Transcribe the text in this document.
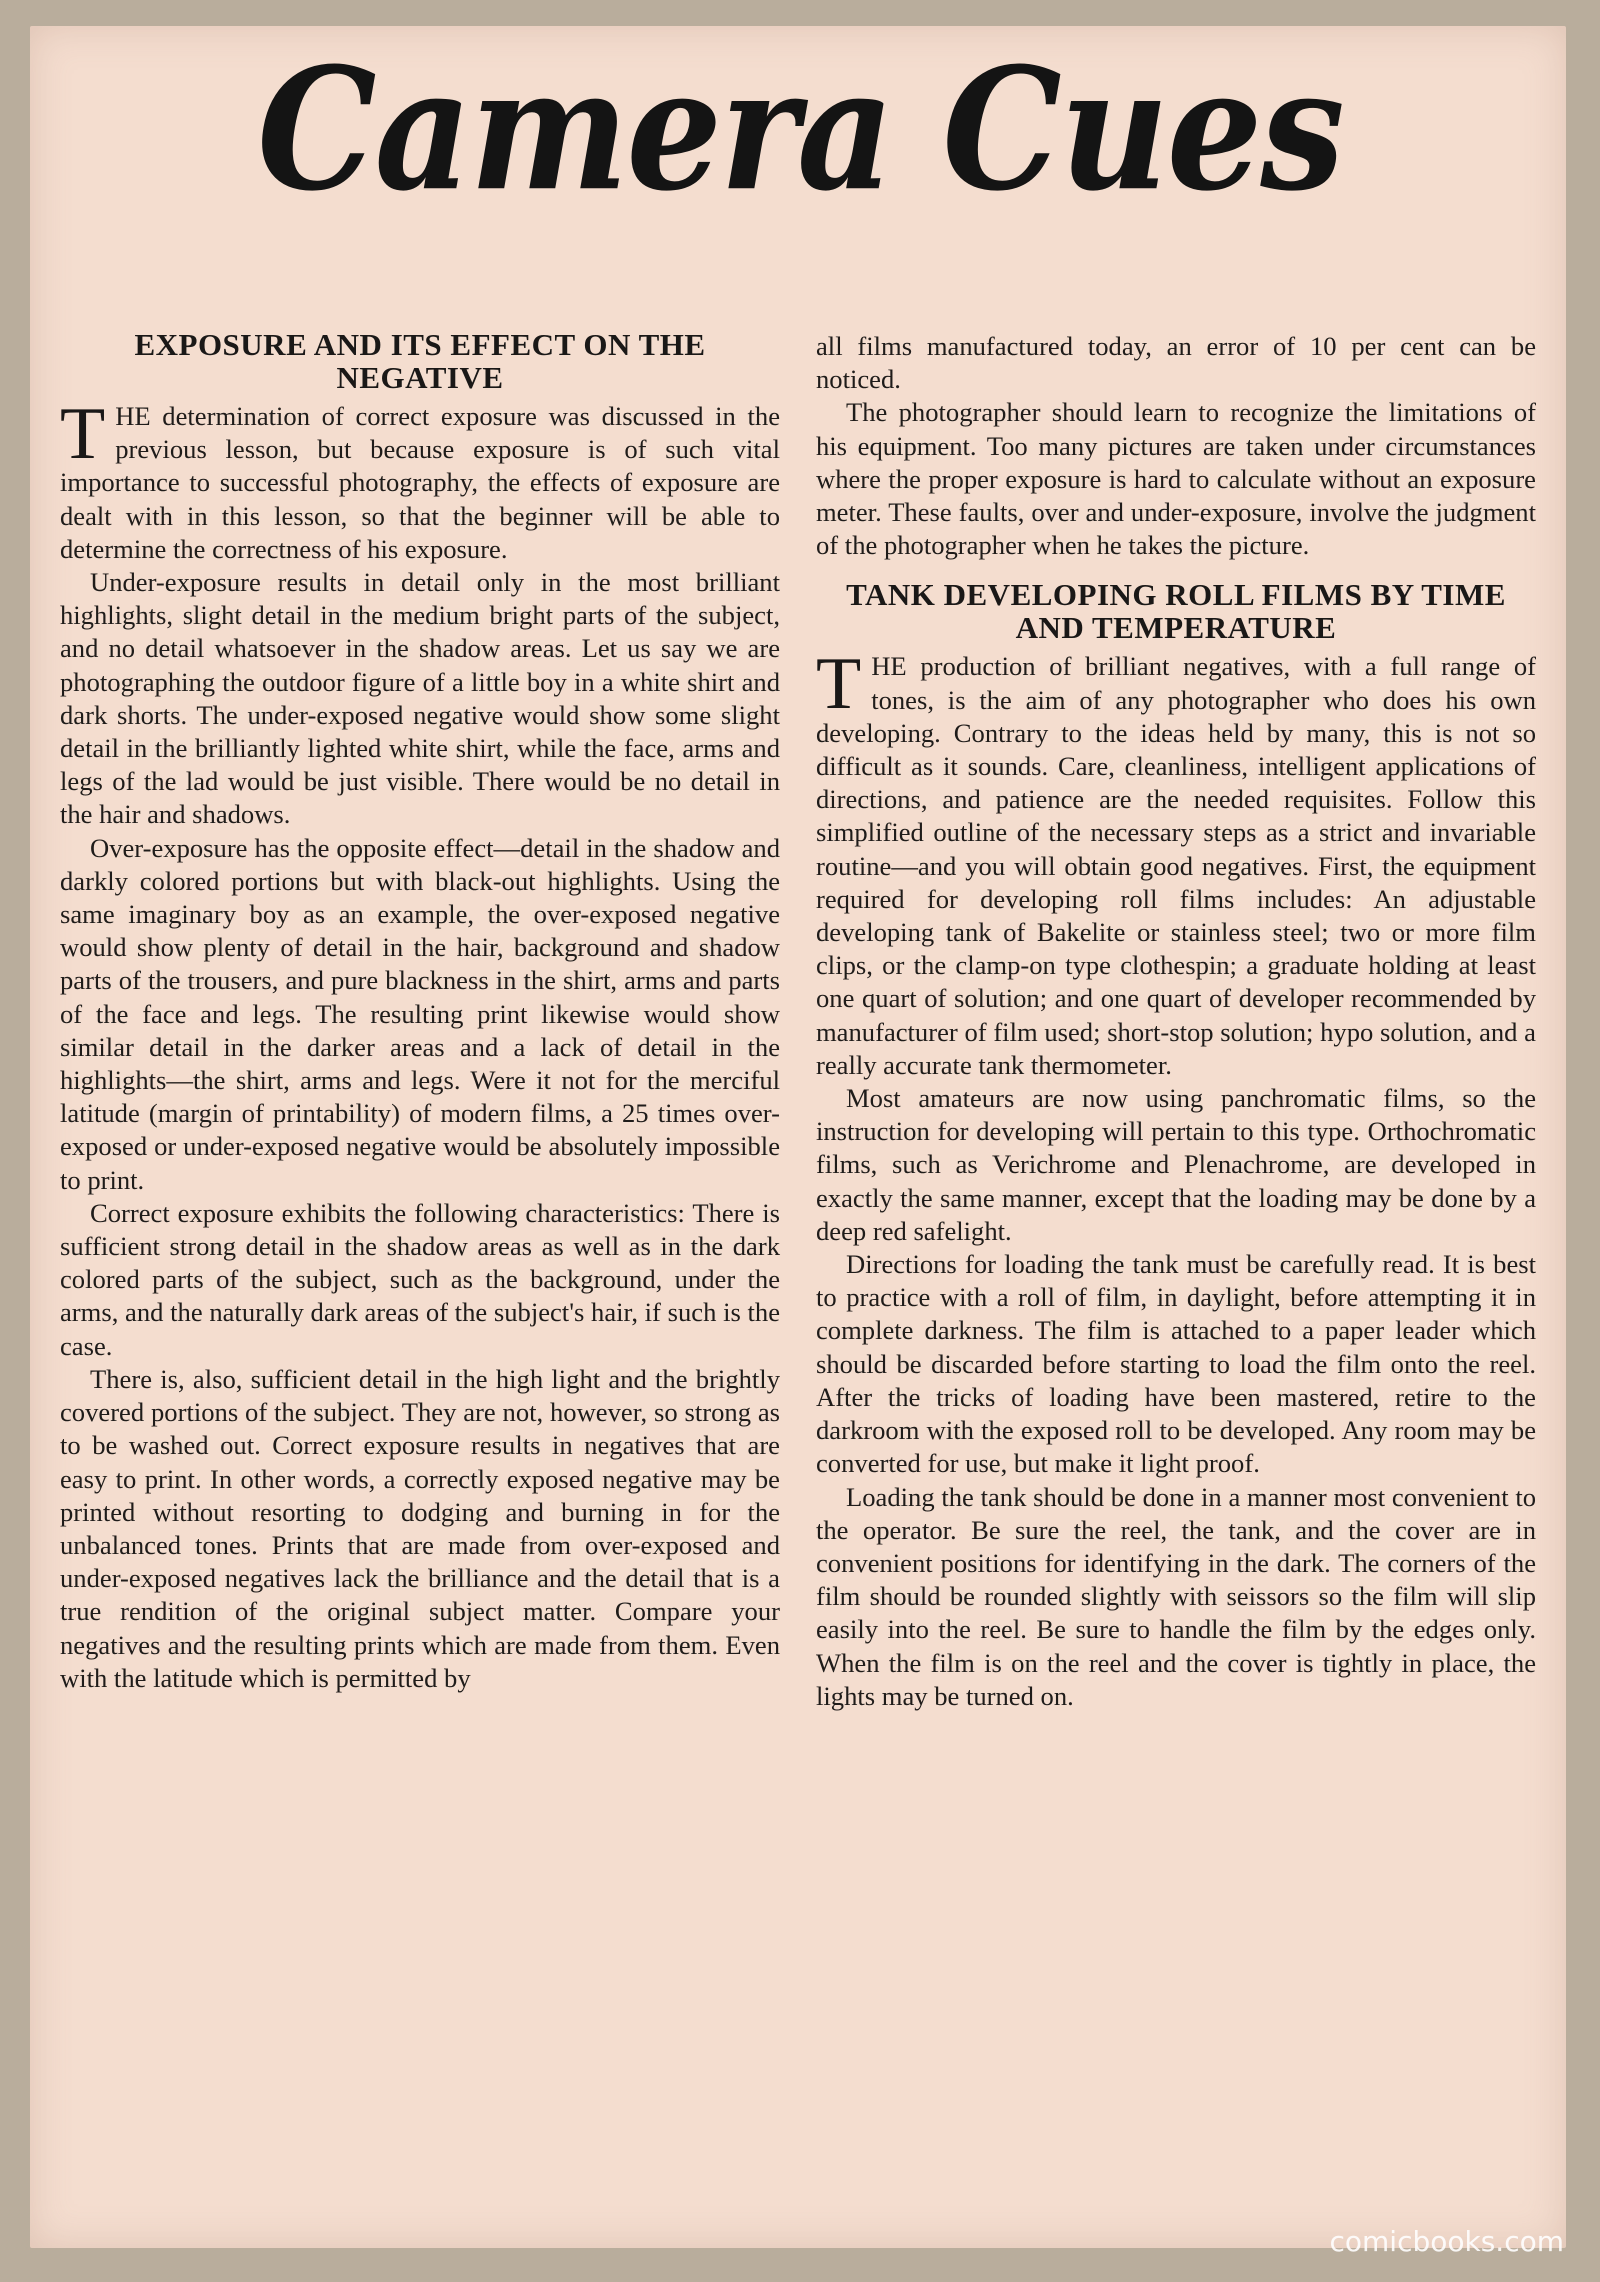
Camera Cues
EXPOSURE AND ITS EFFECT ON THE NEGATIVE

THE determination of correct exposure was discussed in the previous lesson, but because exposure is of such vital importance to successful photography, the effects of exposure are dealt with in this lesson, so that the beginner will be able to determine the correctness of his exposure.

Under-exposure results in detail only in the most brilliant highlights, slight detail in the medium bright parts of the subject, and no detail whatsoever in the shadow areas. Let us say we are photographing the outdoor figure of a little boy in a white shirt and dark shorts. The under-exposed negative would show some slight detail in the brilliantly lighted white shirt, while the face, arms and legs of the lad would be just visible. There would be no detail in the hair and shadows.

Over-exposure has the opposite effect—detail in the shadow and darkly colored portions but with black-out highlights. Using the same imaginary boy as an example, the over-exposed negative would show plenty of detail in the hair, background and shadow parts of the trousers, and pure blackness in the shirt, arms and parts of the face and legs. The resulting print likewise would show similar detail in the darker areas and a lack of detail in the highlights—the shirt, arms and legs. Were it not for the merciful latitude (margin of printability) of modern films, a 25 times over-exposed or under-exposed negative would be absolutely impossible to print.

Correct exposure exhibits the following characteristics: There is sufficient strong detail in the shadow areas as well as in the dark colored parts of the subject, such as the background, under the arms, and the naturally dark areas of the subject's hair, if such is the case.

There is, also, sufficient detail in the high light and the brightly covered portions of the subject. They are not, however, so strong as to be washed out. Correct exposure results in negatives that are easy to print. In other words, a correctly exposed negative may be printed without resorting to dodging and burning in for the unbalanced tones. Prints that are made from over-exposed and under-exposed negatives lack the brilliance and the detail that is a true rendition of the original subject matter. Compare your negatives and the resulting prints which are made from them. Even with the latitude which is permitted by

all films manufactured today, an error of 10 per cent can be noticed.

The photographer should learn to recognize the limitations of his equipment. Too many pictures are taken under circumstances where the proper exposure is hard to calculate without an exposure meter. These faults, over and under-exposure, involve the judgment of the photographer when he takes the picture.

TANK DEVELOPING ROLL FILMS BY TIME AND TEMPERATURE

THE production of brilliant negatives, with a full range of tones, is the aim of any photographer who does his own developing. Contrary to the ideas held by many, this is not so difficult as it sounds. Care, cleanliness, intelligent applications of directions, and patience are the needed requisites. Follow this simplified outline of the necessary steps as a strict and invariable routine—and you will obtain good negatives. First, the equipment required for developing roll films includes: An adjustable developing tank of Bakelite or stainless steel; two or more film clips, or the clamp-on type clothespin; a graduate holding at least one quart of solution; and one quart of developer recommended by manufacturer of film used; short-stop solution; hypo solution, and a really accurate tank thermometer.

Most amateurs are now using panchromatic films, so the instruction for developing will pertain to this type. Orthochromatic films, such as Verichrome and Plenachrome, are developed in exactly the same manner, except that the loading may be done by a deep red safelight.

Directions for loading the tank must be carefully read. It is best to practice with a roll of film, in daylight, before attempting it in complete darkness. The film is attached to a paper leader which should be discarded before starting to load the film onto the reel. After the tricks of loading have been mastered, retire to the darkroom with the exposed roll to be developed. Any room may be converted for use, but make it light proof.

Loading the tank should be done in a manner most convenient to the operator. Be sure the reel, the tank, and the cover are in convenient positions for identifying in the dark. The corners of the film should be rounded slightly with seissors so the film will slip easily into the reel. Be sure to handle the film by the edges only. When the film is on the reel and the cover is tightly in place, the lights may be turned on.

comicbooks.com
